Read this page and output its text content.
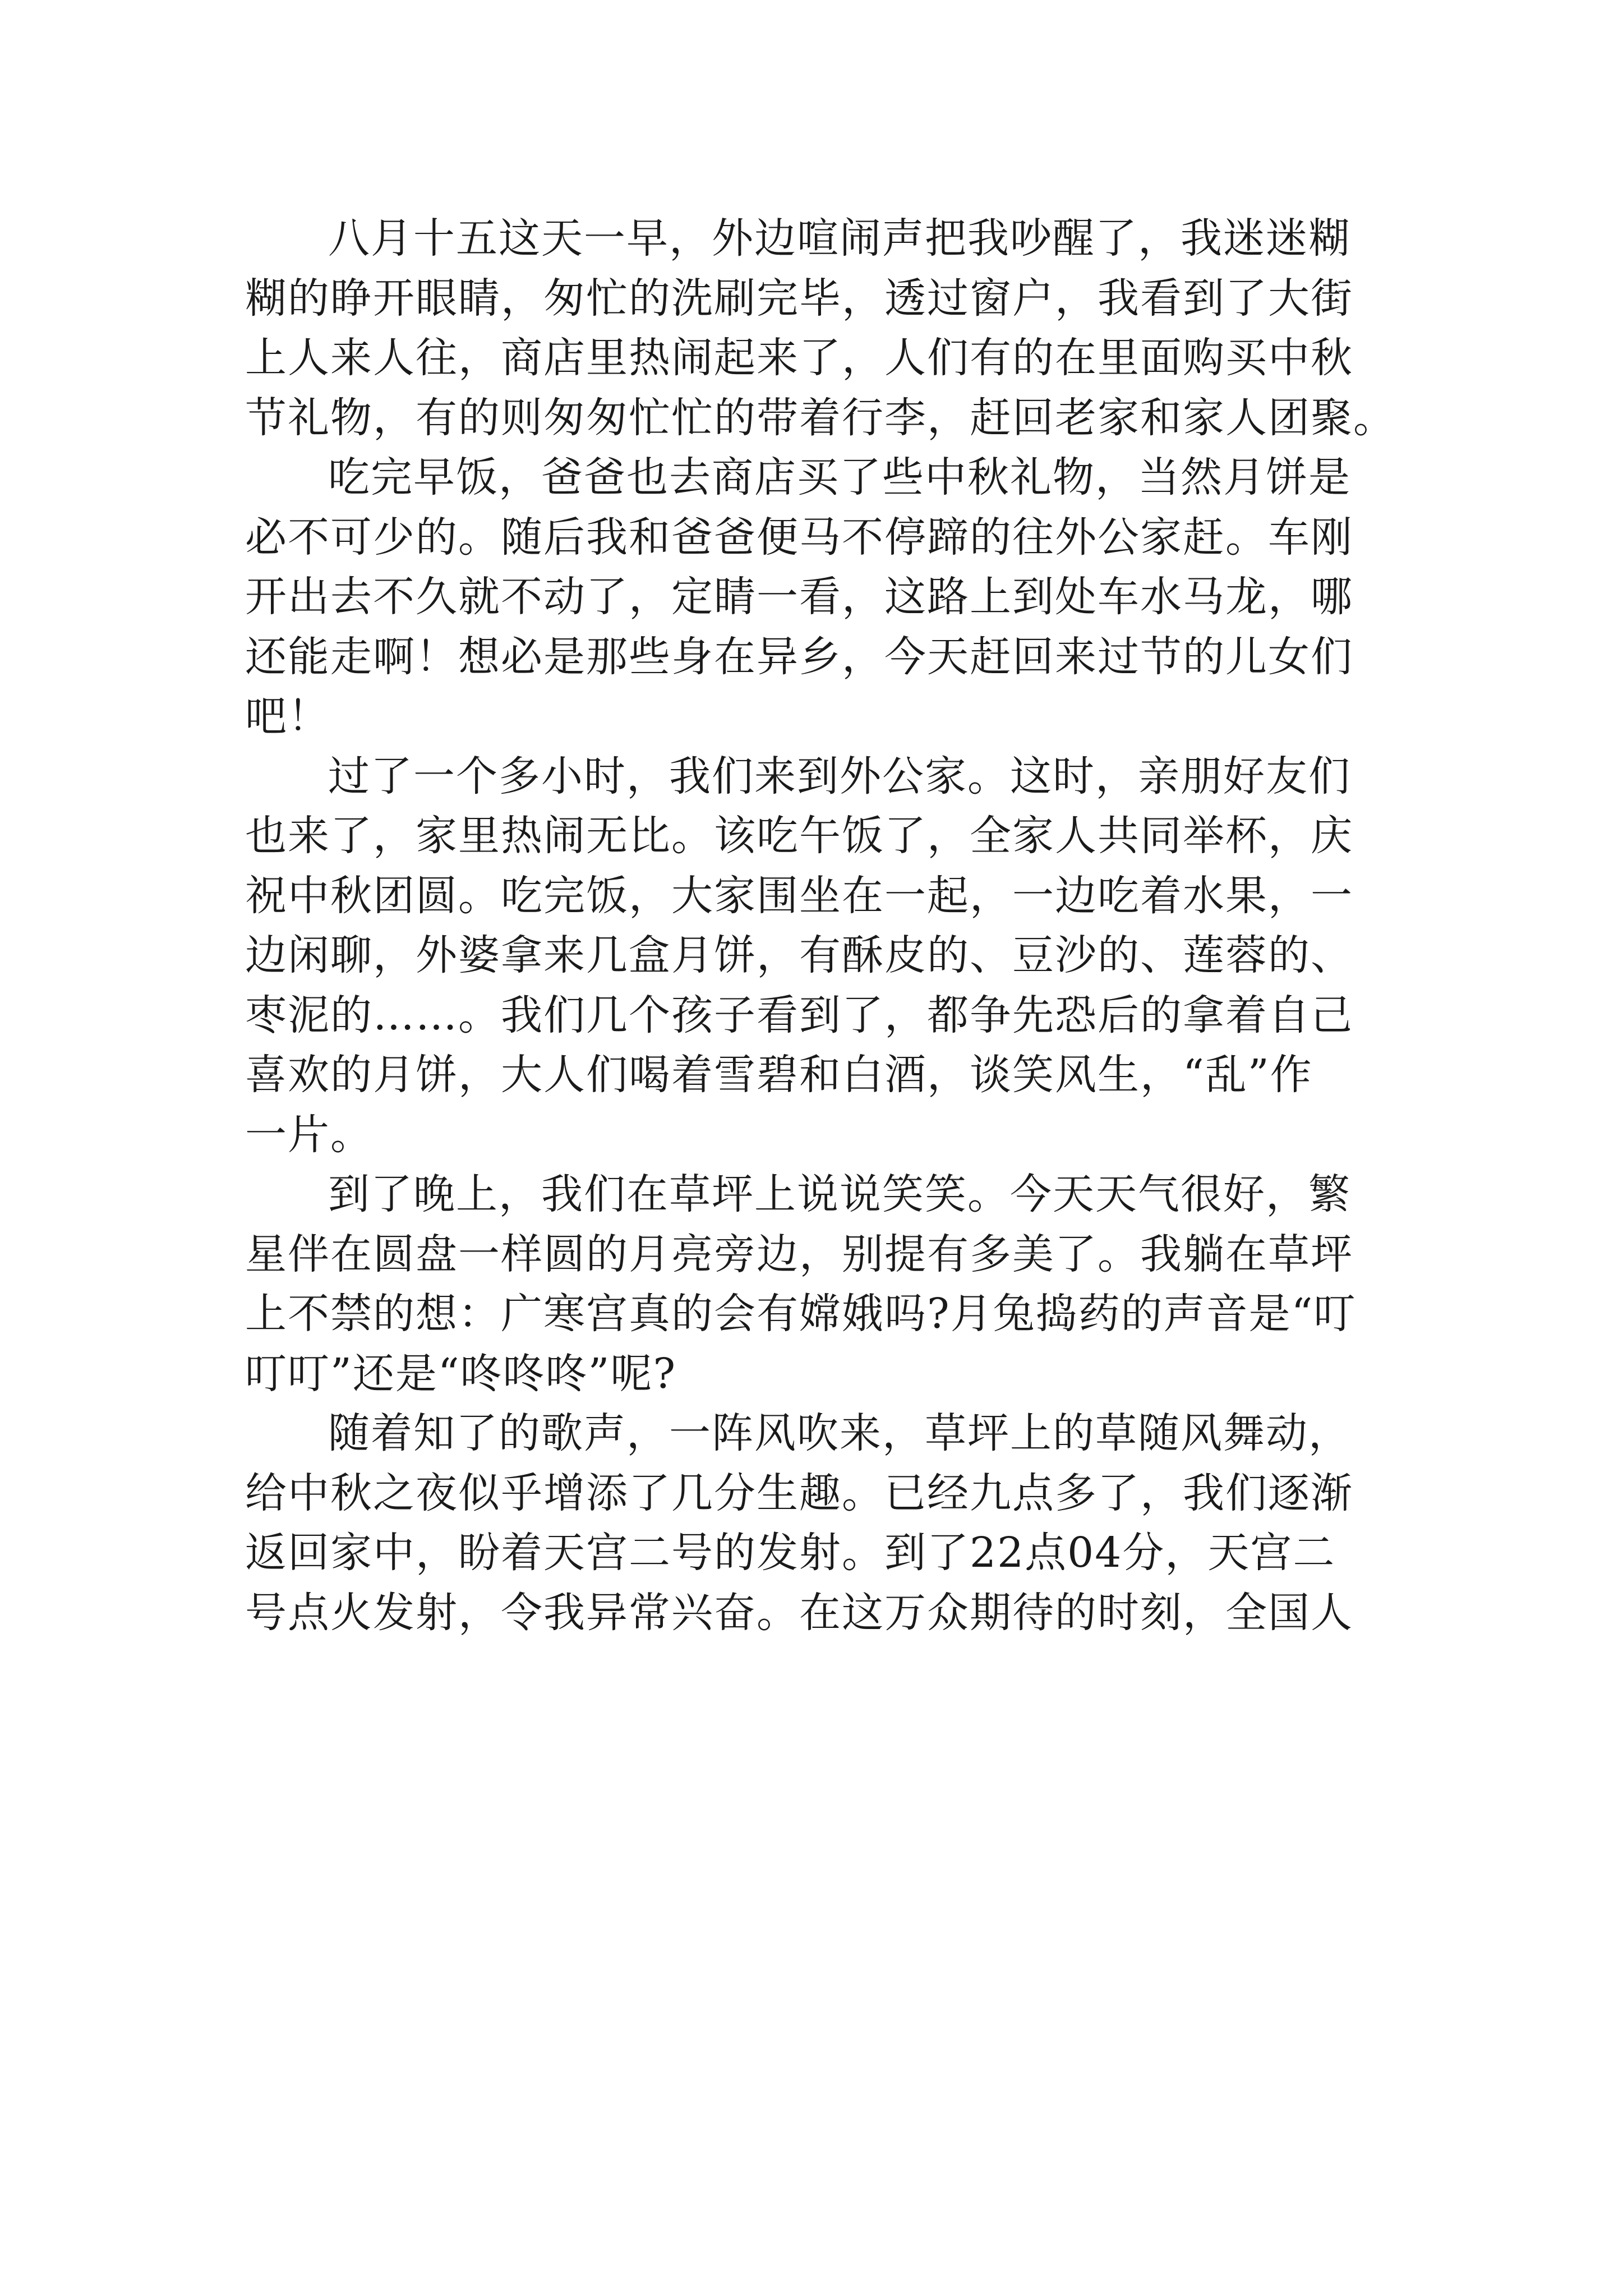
八月十五这天一早，外边喧闹声把我吵醒了，我迷迷糊
糊的睁开眼睛，匆忙的洗刷完毕，透过窗户，我看到了大街
上人来人往，商店里热闹起来了，人们有的在里面购买中秋
节礼物，有的则匆匆忙忙的带着行李，赶回老家和家人团聚。

吃完早饭，爸爸也去商店买了些中秋礼物，当然月饼是
必不可少的。随后我和爸爸便马不停蹄的往外公家赶。车刚
开出去不久就不动了，定睛一看，这路上到处车水马龙，哪
还能走啊！想必是那些身在异乡，今天赶回来过节的儿女们
吧！

过了一个多小时，我们来到外公家。这时，亲朋好友们
也来了，家里热闹无比。该吃午饭了，全家人共同举杯，庆
祝中秋团圆。吃完饭，大家围坐在一起，一边吃着水果，一
边闲聊，外婆拿来几盒月饼，有酥皮的、豆沙的、莲蓉的、
枣泥的……。我们几个孩子看到了，都争先恐后的拿着自己
喜欢的月饼，大人们喝着雪碧和白酒，谈笑风生，“乱”作
一片。

到了晚上，我们在草坪上说说笑笑。今天天气很好，繁
星伴在圆盘一样圆的月亮旁边，别提有多美了。我躺在草坪
上不禁的想：广寒宫真的会有嫦娥吗?月兔捣药的声音是“叮
叮叮”还是“咚咚咚”呢?

随着知了的歌声，一阵风吹来，草坪上的草随风舞动，
给中秋之夜似乎增添了几分生趣。已经九点多了，我们逐渐
返回家中，盼着天宫二号的发射。到了22点04分，天宫二
号点火发射，令我异常兴奋。在这万众期待的时刻，全国人
